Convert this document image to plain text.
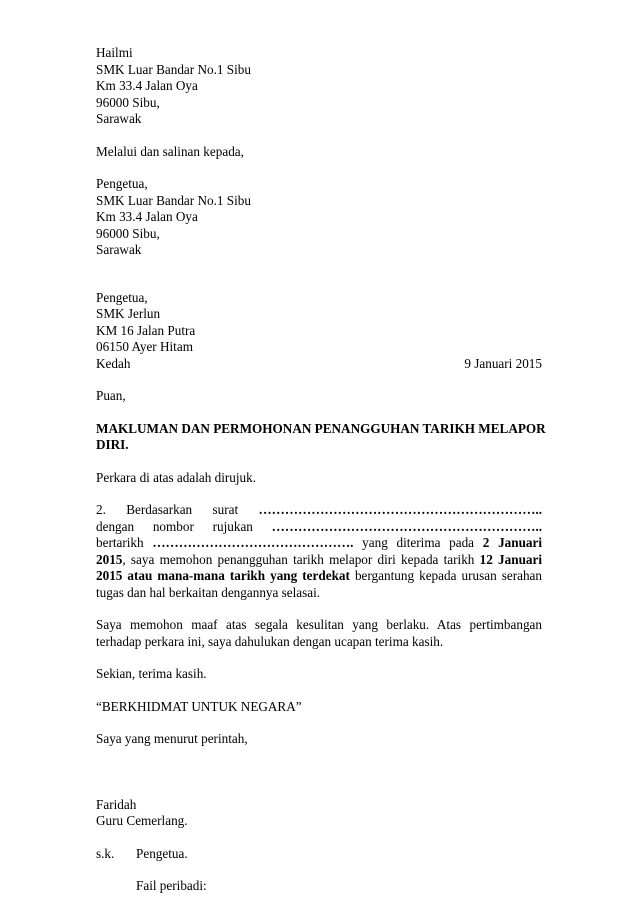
Hailmi
SMK Luar Bandar No.1 Sibu
Km 33.4 Jalan Oya
96000 Sibu,
Sarawak
Melalui dan salinan kepada,
Pengetua,
SMK Luar Bandar No.1 Sibu
Km 33.4 Jalan Oya
96000 Sibu,
Sarawak
Pengetua,
SMK Jerlun
KM 16 Jalan Putra
06150 Ayer Hitam
Kedah	9 Januari 2015
Puan,
MAKLUMAN DAN PERMOHONAN PENANGGUHAN TARIKH MELAPOR
DIRI.
Perkara di atas adalah dirujuk.
2. Berdasarkan surat ………………………………………………………..

dengan nombor rujukan …………………………………………………….. bertarikh ………………………………………. yang diterima pada 2 Januari 2015, saya memohon penangguhan tarikh melapor diri kepada tarikh 12 Januari 2015 atau mana-mana tarikh yang terdekat bergantung kepada urusan serahan tugas dan hal berkaitan dengannya selasai.

Saya memohon maaf atas segala kesulitan yang berlaku. Atas pertimbangan terhadap perkara ini, saya dahulukan dengan ucapan terima kasih.

Sekian, terima kasih.
“BERKHIDMAT UNTUK NEGARA”
Saya yang menurut perintah,
Faridah
Guru Cemerlang.
s.k.	Pengetua.
Fail peribadi:
